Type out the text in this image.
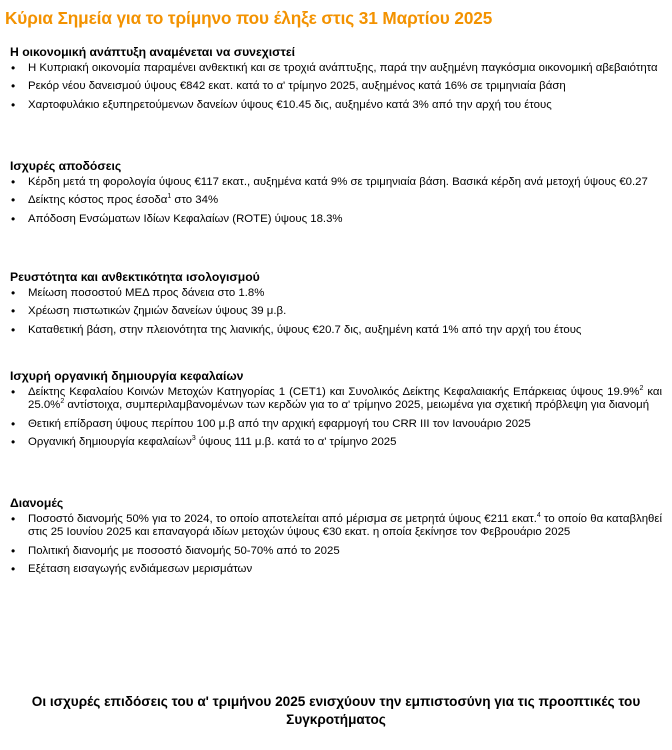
Κύρια Σημεία για το τρίμηνο που έληξε στις 31 Μαρτίου 2025
Η οικονομική ανάπτυξη αναμένεται να συνεχιστεί
• Η Κυπριακή οικονομία παραμένει ανθεκτική και σε τροχιά ανάπτυξης, παρά την αυξημένη παγκόσμια οικονομική αβεβαιότητα
• Ρεκόρ νέου δανεισμού ύψους €842 εκατ. κατά το α' τρίμηνο 2025, αυξημένος κατά 16% σε τριμηνιαία βάση
• Χαρτοφυλάκιο εξυπηρετούμενων δανείων ύψους €10.45 δις, αυξημένο κατά 3% από την αρχή του έτους
Ισχυρές αποδόσεις
• Κέρδη μετά τη φορολογία ύψους €117 εκατ., αυξημένα κατά 9% σε τριμηνιαία βάση. Βασικά κέρδη ανά μετοχή ύψους €0.27
• Δείκτης κόστος προς έσοδα$^1$ στο 34%
• Απόδοση Ενσώματων Ιδίων Κεφαλαίων (ROTE) ύψους 18.3%
Ρευστότητα και ανθεκτικότητα ισολογισμού
• Μείωση ποσοστού ΜΕΔ προς δάνεια στο 1.8%
• Χρέωση πιστωτικών ζημιών δανείων ύψους 39 μ.β.
• Καταθετική βάση, στην πλειονότητα της λιανικής, ύψους €20.7 δις, αυξημένη κατά 1% από την αρχή του έτους
Ισχυρή οργανική δημιουργία κεφαλαίων
• Δείκτης Κεφαλαίου Κοινών Μετοχών Κατηγορίας 1 (CET1) και Συνολικός Δείκτης Κεφαλαιακής Επάρκειας ύψους 19.9%$^2$ και 25.0%$^2$ αντίστοιχα, συμπεριλαμβανομένων των κερδών για το α' τρίμηνο 2025, μειωμένα για σχετική πρόβλεψη για διανομή
• Θετική επίδραση ύψους περίπου 100 μ.β από την αρχική εφαρμογή του CRR III τον Ιανουάριο 2025
• Οργανική δημιουργία κεφαλαίων$^3$ ύψους 111 μ.β. κατά το α' τρίμηνο 2025
Διανομές
• Ποσοστό διανομής 50% για το 2024, το οποίο αποτελείται από μέρισμα σε μετρητά ύψους €211 εκατ.$^4$ το οποίο θα καταβληθεί στις 25 Ιουνίου 2025 και επαναγορά ιδίων μετοχών ύψους €30 εκατ. η οποία ξεκίνησε τον Φεβρουάριο 2025
• Πολιτική διανομής με ποσοστό διανομής 50-70% από το 2025
• Εξέταση εισαγωγής ενδιάμεσων μερισμάτων
Οι ισχυρές επιδόσεις του α' τριμήνου 2025 ενισχύουν την εμπιστοσύνη για τις προοπτικές του Συγκροτήματος
